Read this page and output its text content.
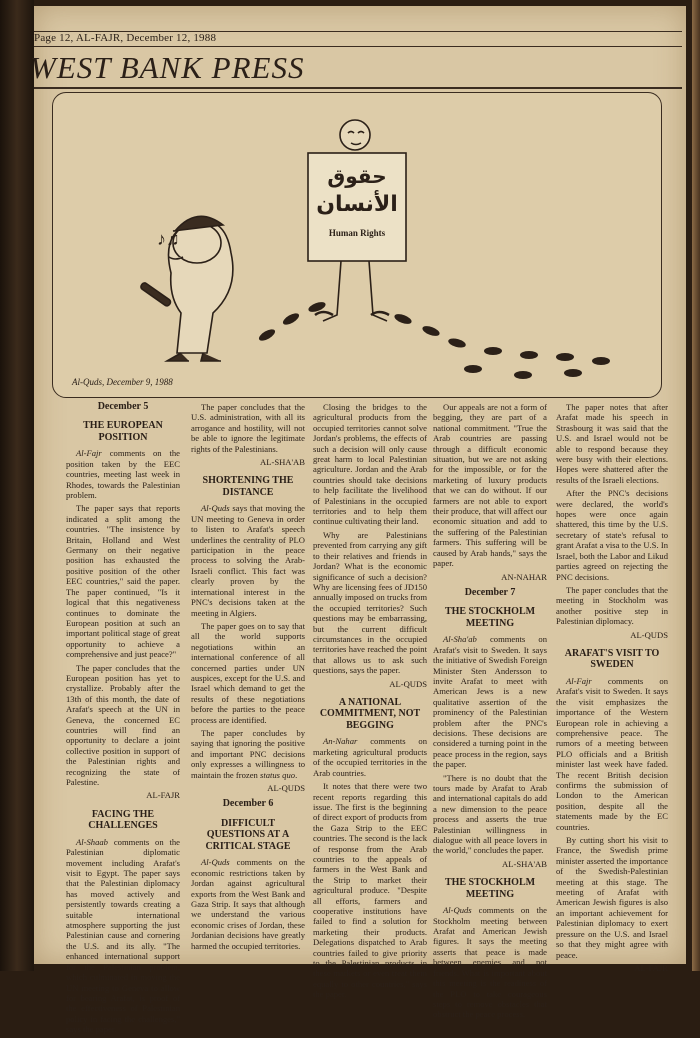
Page 12, AL-FAJR, December 12, 1988
WEST BANK PRESS
حقوق
الأنسان
Human Rights
♪♫
Al-Quds, December 9, 1988

December 5

THE EUROPEAN POSITION

Al-Fajr comments on the position taken by the EEC countries, meeting last week in Rhodes, towards the Palestinian problem.

The paper says that reports indicated a split among the countries. "The insistence by Britain, Holland and West Germany on their negative position has exhausted the positive position of the other EEC countries," said the paper. The paper continued, "Is it logical that this negativeness continues to dominate the European position at such an important political stage of great opportunity to achieve a comprehensive and just peace?"

The paper concludes that the European position has yet to crystallize. Probably after the 13th of this month, the date of Arafat's speech at the UN in Geneva, the concerned EC countries will find an opportunity to declare a joint collective position in support of the Palestinian rights and recognizing the state of Palestine.

AL-FAJR

FACING THE CHALLENGES

Al-Shaab comments on the Palestinian diplomatic movement including Arafat's visit to Egypt. The paper says that the Palestinian diplomacy has moved actively and persistently towards creating a suitable international atmosphere supporting the just Palestinian cause and cornering the U.S. and its ally. "The enhanced international support for the Palestinian problem, which culminated in moving the UN meeting to Geneva to allow for bearing Arafat, is proof of the effectiveness of Palestinian policy in facing the challenges," says the paper.

The paper concludes that the U.S. administration, with all its arrogance and hostility, will not be able to ignore the legitimate rights of the Palestinians.

AL-SHA'AB

SHORTENING THE DISTANCE

Al-Quds says that moving the UN meeting to Geneva in order to listen to Arafat's speech underlines the centrality of PLO participation in the peace process to solving the Arab-Israeli conflict. This fact was clearly proven by the international interest in the PNC's decisions taken at the meeting in Algiers.

The paper goes on to say that all the world supports negotiations within an international conference of all concerned parties under UN auspices, except for the U.S. and Israel which demand to get the results of these negotiations before the parties to the peace process are identified.

The paper concludes by saying that ignoring the positive and important PNC decisions only expresses a willingness to maintain the frozen status quo.

AL-QUDS

December 6

DIFFICULT QUESTIONS AT A CRITICAL STAGE

Al-Quds comments on the economic restrictions taken by Jordan against agricultural exports from the West Bank and Gaza Strip. It says that although we understand the various economic crises of Jordan, these Jordanian decisions have greatly harmed the occupied territories.

Closing the bridges to the agricultural products from the occupied territories cannot solve Jordan's problems, the effects of such a decision will only cause great harm to local Palestinian agriculture. Jordan and the Arab countries should take decisions to help facilitate the livelihood of Palestinians in the occupied territories and to help them continue cultivating their land.

Why are Palestinians prevented from carrying any gift to their relatives and friends in Jordan? What is the economic significance of such a decision? Why are licensing fees of JD150 annually imposed on trucks from the occupied territories? Such questions may be embarrassing, but the current difficult circumstances in the occupied territories have reached the point that allows us to ask such questions, says the paper.

AL-QUDS

A NATIONAL COMMITMENT, NOT BEGGING

An-Nahar comments on marketing agricultural products of the occupied territories in the Arab countries.

It notes that there were two recent reports regarding this issue. The first is the beginning of direct export of products from the Gaza Strip to the EEC countries. The second is the lack of response from the Arab countries to the appeals of farmers in the West Bank and the Strip to market their agricultural produce. "Despite all efforts, farmers and cooperative institutions have failed to find a solution for marketing their products. Delegations dispatched to Arab countries failed to give priority to the Palestinian products in these markets or even treat them equally to other countries," says the paper.

Our appeals are not a form of begging, they are part of a national commitment. "True the Arab countries are passing through a difficult economic situation, but we are not asking for the impossible, or for the marketing of luxury products that we can do without. If our farmers are not able to export their produce, that will affect our economic situation and add to the suffering of the Palestinian farmers. This suffering will be caused by Arab hands," says the paper.

AN-NAHAR

December 7

THE STOCKHOLM MEETING

Al-Sha'ab comments on Arafat's visit to Sweden. It says the initiative of Swedish Foreign Minister Sten Andersson to invite Arafat to meet with American Jews is a new qualitative assertion of the prominency of the Palestinian problem after the PNC's decisions. These decisions are considered a turning point in the peace process in the region, says the paper.

"There is no doubt that the tours made by Arafat to Arab and international capitals do add a new dimension to the peace process and asserts the true Palestinian willingness in dialogue with all peace lovers in the world," concludes the paper.

AL-SHA'AB

THE STOCKHOLM MEETING

Al-Quds comments on the Stockholm meeting between Arafat and American Jewish figures. It says the meeting asserts that peace is made between enemies and not friends. What is important about this meeting is the readiness of the PLO to take courageous steps to remove obstacles that obstruct the peace process.

The paper notes that after Arafat made his speech in Strasbourg it was said that the U.S. and Israel would not be able to respond because they were busy with their elections. Hopes were shattered after the results of the Israeli elections.

After the PNC's decisions were declared, the world's hopes were once again shattered, this time by the U.S. secretary of state's refusal to grant Arafat a visa to the U.S. In Israel, both the Labor and Likud parties agreed on rejecting the PNC decisions.

The paper concludes that the meeting in Stockholm was another positive step in Palestinian diplomacy.

AL-QUDS

ARAFAT'S VISIT TO SWEDEN

Al-Fajr comments on Arafat's visit to Sweden. It says the visit emphasizes the importance of the Western European role in achieving a comprehensive peace. The rumors of a meeting between PLO officials and a British minister last week have faded. The recent British decision confirms the submission of London to the American position, despite all the statements made by the EC countries.

By cutting short his visit to France, the Swedish prime minister asserted the importance of the Swedish-Palestinian meeting at this stage. The meeting of Arafat with American Jewish figures is also an important achievement for Palestinian diplomacy to exert pressure on the U.S. and Israel so that they might agree with peace.

AL-FAJR
